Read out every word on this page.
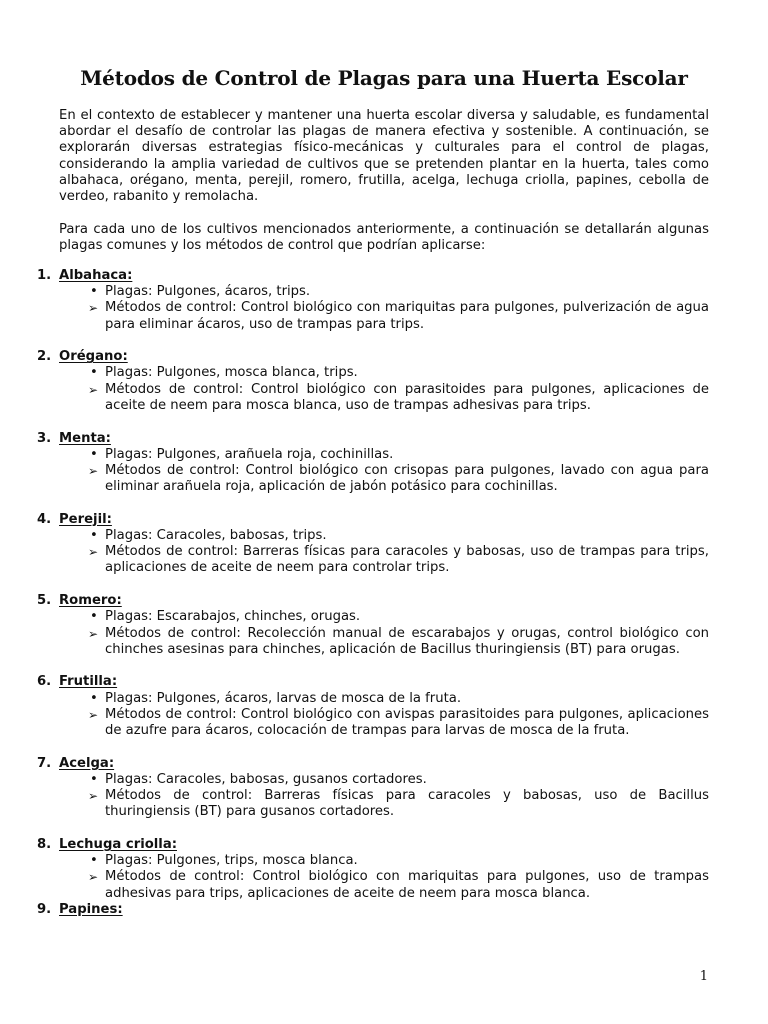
Métodos de Control de Plagas para una Huerta Escolar
En el contexto de establecer y mantener una huerta escolar diversa y saludable, es fundamental abordar el desafío de controlar las plagas de manera efectiva y sostenible. A continuación, se explorarán diversas estrategias físico-mecánicas y culturales para el control de plagas, considerando la amplia variedad de cultivos que se pretenden plantar en la huerta, tales como albahaca, orégano, menta, perejil, romero, frutilla, acelga, lechuga criolla, papines, cebolla de verdeo, rabanito y remolacha.
Para cada uno de los cultivos mencionados anteriormente, a continuación se detallarán algunas plagas comunes y los métodos de control que podrían aplicarse:
1. Albahaca:
• Plagas: Pulgones, ácaros, trips.
➢ Métodos de control: Control biológico con mariquitas para pulgones, pulverización de agua para eliminar ácaros, uso de trampas para trips.
2. Orégano:
• Plagas: Pulgones, mosca blanca, trips.
➢ Métodos de control: Control biológico con parasitoides para pulgones, aplicaciones de aceite de neem para mosca blanca, uso de trampas adhesivas para trips.
3. Menta:
• Plagas: Pulgones, arañuela roja, cochinillas.
➢ Métodos de control: Control biológico con crisopas para pulgones, lavado con agua para eliminar arañuela roja, aplicación de jabón potásico para cochinillas.
4. Perejil:
• Plagas: Caracoles, babosas, trips.
➢ Métodos de control: Barreras físicas para caracoles y babosas, uso de trampas para trips, aplicaciones de aceite de neem para controlar trips.
5. Romero:
• Plagas: Escarabajos, chinches, orugas.
➢ Métodos de control: Recolección manual de escarabajos y orugas, control biológico con chinches asesinas para chinches, aplicación de Bacillus thuringiensis (BT) para orugas.
6. Frutilla:
• Plagas: Pulgones, ácaros, larvas de mosca de la fruta.
➢ Métodos de control: Control biológico con avispas parasitoides para pulgones, aplicaciones de azufre para ácaros, colocación de trampas para larvas de mosca de la fruta.
7. Acelga:
• Plagas: Caracoles, babosas, gusanos cortadores.
➢ Métodos de control: Barreras físicas para caracoles y babosas, uso de Bacillus thuringiensis (BT) para gusanos cortadores.
8. Lechuga criolla:
• Plagas: Pulgones, trips, mosca blanca.
➢ Métodos de control: Control biológico con mariquitas para pulgones, uso de trampas adhesivas para trips, aplicaciones de aceite de neem para mosca blanca.
9. Papines:
1
